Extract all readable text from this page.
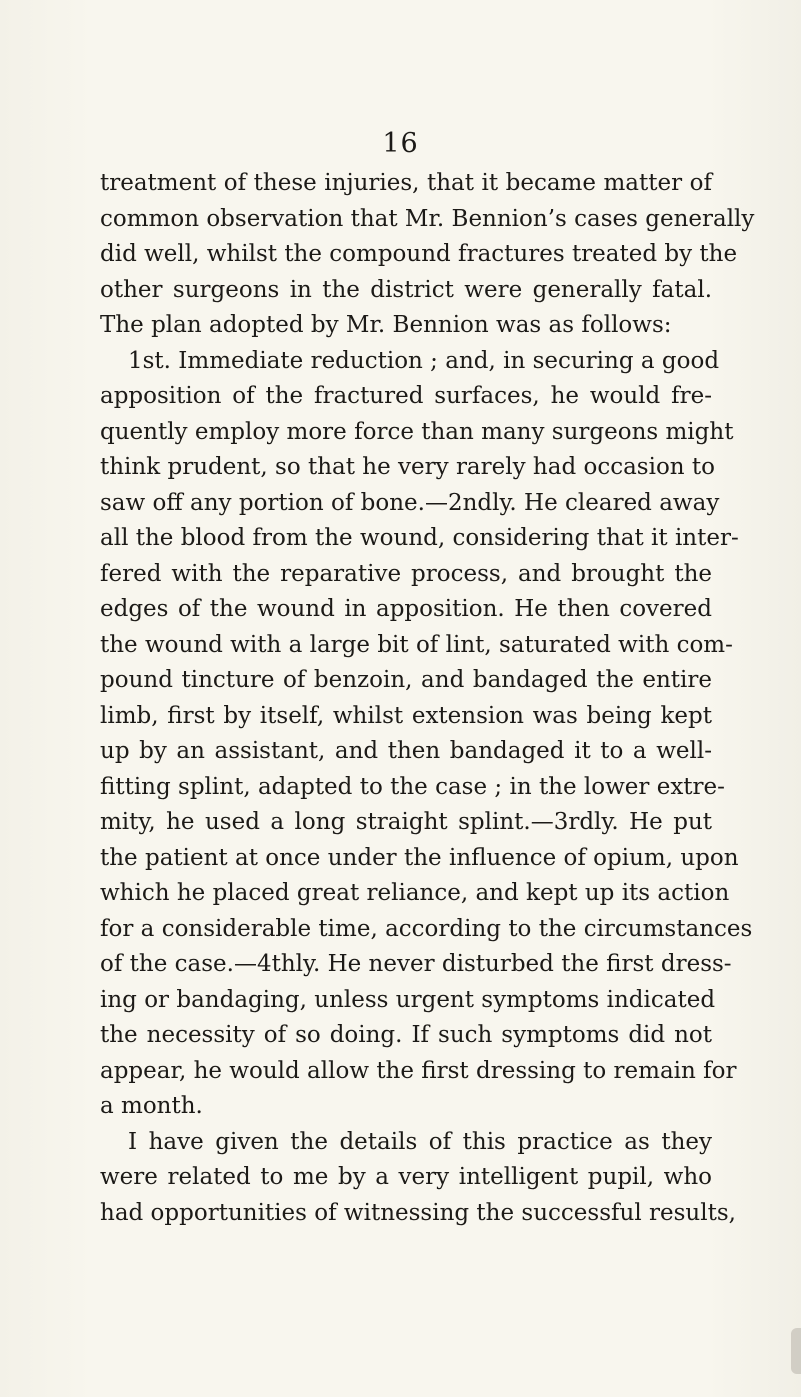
16
treatment of these injuries, that it became matter of
common observation that Mr. Bennion’s cases generally
did well, whilst the compound fractures treated by the
other surgeons in the district were generally fatal.
The plan adopted by Mr. Bennion was as follows:
1st. Immediate reduction ; and, in securing a good
apposition of the fractured surfaces, he would fre-
quently employ more force than many surgeons might
think prudent, so that he very rarely had occasion to
saw off any portion of bone.—2ndly. He cleared away
all the blood from the wound, considering that it inter-
fered with the reparative process, and brought the
edges of the wound in apposition. He then covered
the wound with a large bit of lint, saturated with com-
pound tincture of benzoin, and bandaged the entire
limb, first by itself, whilst extension was being kept
up by an assistant, and then bandaged it to a well-
fitting splint, adapted to the case ; in the lower extre-
mity, he used a long straight splint.—3rdly. He put
the patient at once under the influence of opium, upon
which he placed great reliance, and kept up its action
for a considerable time, according to the circumstances
of the case.—4thly. He never disturbed the first dress-
ing or bandaging, unless urgent symptoms indicated
the necessity of so doing. If such symptoms did not
appear, he would allow the first dressing to remain for
a month.
I have given the details of this practice as they
were related to me by a very intelligent pupil, who
had opportunities of witnessing the successful results,
